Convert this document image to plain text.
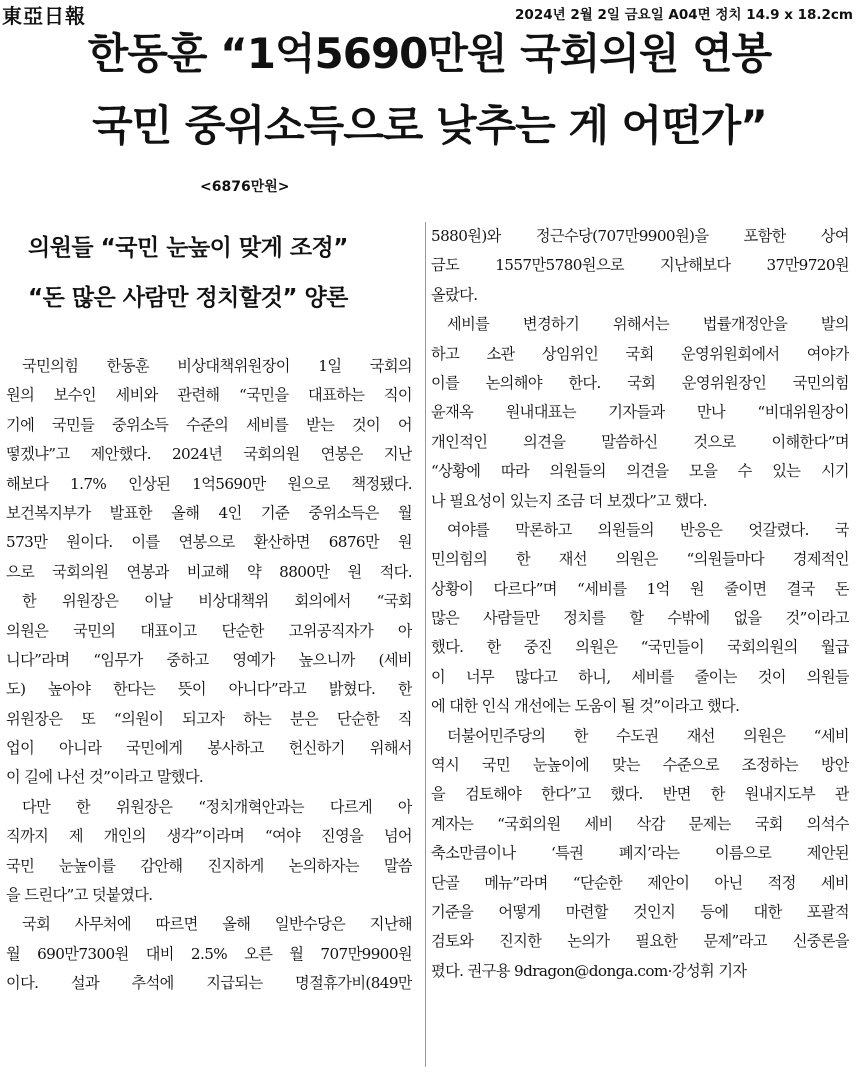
東亞日報	2024년 2월 2일 금요일 A04면 정치 14.9 x 18.2cm
한동훈 “1억5690만원 국회의원 연봉
국민 중위소득으로 낮추는 게 어떤가”
<6876만원>
의원들 “국민 눈높이 맞게 조정”
“돈 많은 사람만 정치할것” 양론
국민의힘 한동훈 비상대책위원장이 1일 국회의
원의 보수인 세비와 관련해 “국민을 대표하는 직이
기에 국민들 중위소득 수준의 세비를 받는 것이 어
떻겠냐”고 제안했다. 2024년 국회의원 연봉은 지난
해보다 1.7% 인상된 1억5690만 원으로 책정됐다.
보건복지부가 발표한 올해 4인 기준 중위소득은 월
573만 원이다. 이를 연봉으로 환산하면 6876만 원
으로 국회의원 연봉과 비교해 약 8800만 원 적다.
한 위원장은 이날 비상대책위 회의에서 “국회
의원은 국민의 대표이고 단순한 고위공직자가 아
니다”라며 “임무가 중하고 영예가 높으니까 (세비
도) 높아야 한다는 뜻이 아니다”라고 밝혔다. 한
위원장은 또 “의원이 되고자 하는 분은 단순한 직
업이 아니라 국민에게 봉사하고 헌신하기 위해서
이 길에 나선 것”이라고 말했다.
다만 한 위원장은 “정치개혁안과는 다르게 아
직까지 제 개인의 생각”이라며 “여야 진영을 넘어
국민 눈높이를 감안해 진지하게 논의하자는 말씀
을 드린다”고 덧붙였다.
국회 사무처에 따르면 올해 일반수당은 지난해
월 690만7300원 대비 2.5% 오른 월 707만9900원
이다. 설과 추석에 지급되는 명절휴가비(849만
5880원)와 정근수당(707만9900원)을 포함한 상여
금도 1557만5780원으로 지난해보다 37만9720원
올랐다.
세비를 변경하기 위해서는 법률개정안을 발의
하고 소관 상임위인 국회 운영위원회에서 여야가
이를 논의해야 한다. 국회 운영위원장인 국민의힘
윤재옥 원내대표는 기자들과 만나 “비대위원장이
개인적인 의견을 말씀하신 것으로 이해한다”며
“상황에 따라 의원들의 의견을 모을 수 있는 시기
나 필요성이 있는지 조금 더 보겠다”고 했다.
여야를 막론하고 의원들의 반응은 엇갈렸다. 국
민의힘의 한 재선 의원은 “의원들마다 경제적인
상황이 다르다”며 “세비를 1억 원 줄이면 결국 돈
많은 사람들만 정치를 할 수밖에 없을 것”이라고
했다. 한 중진 의원은 “국민들이 국회의원의 월급
이 너무 많다고 하니, 세비를 줄이는 것이 의원들
에 대한 인식 개선에는 도움이 될 것”이라고 했다.
더불어민주당의 한 수도권 재선 의원은 “세비
역시 국민 눈높이에 맞는 수준으로 조정하는 방안
을 검토해야 한다”고 했다. 반면 한 원내지도부 관
계자는 “국회의원 세비 삭감 문제는 국회 의석수
축소만큼이나 ‘특권 폐지’라는 이름으로 제안된
단골 메뉴”라며 “단순한 제안이 아닌 적정 세비
기준을 어떻게 마련할 것인지 등에 대한 포괄적
검토와 진지한 논의가 필요한 문제”라고 신중론을
폈다. 권구용 9dragon@donga.com·강성휘 기자
